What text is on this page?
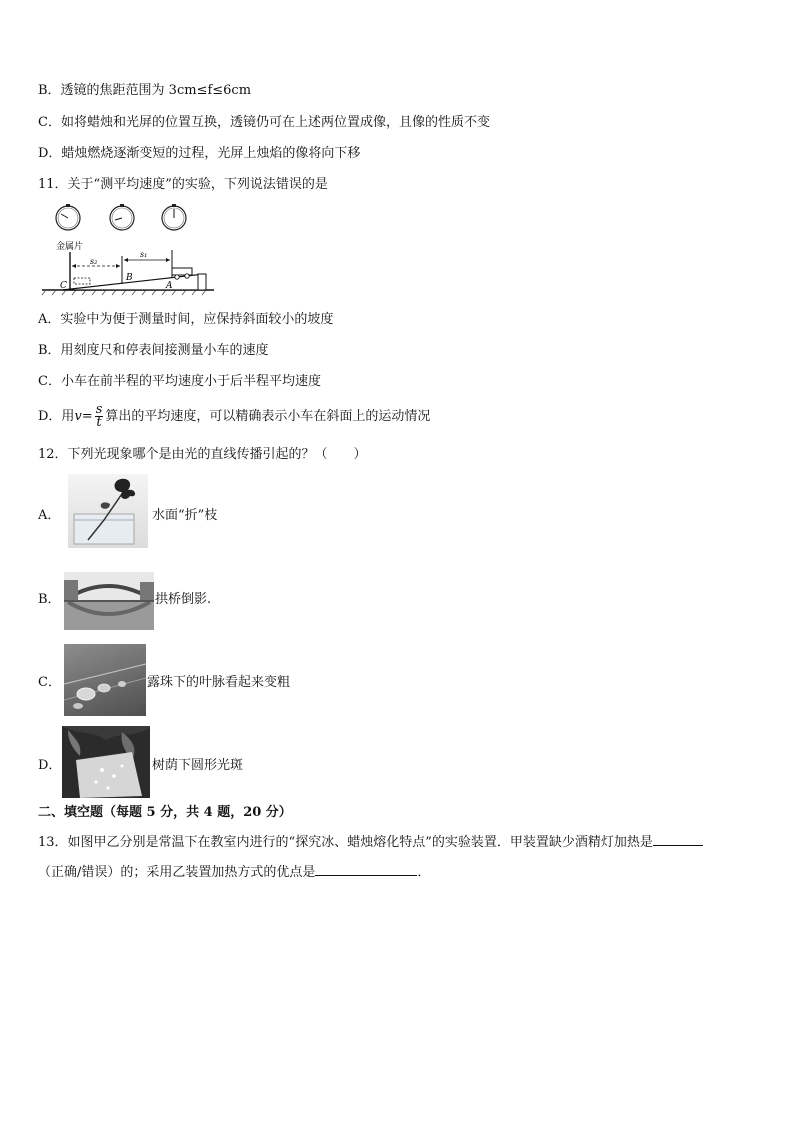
B．透镜的焦距范围为 3cm≤f≤6cm
C．如将蜡烛和光屏的位置互换，透镜仍可在上述两位置成像，且像的性质不变
D．蜡烛燃烧逐渐变短的过程，光屏上烛焰的像将向下移
11．关于“测平均速度”的实验，下列说法错误的是
金属片
C
B
A
s₁
s₂
A．实验中为便于测量时间，应保持斜面较小的坡度
B．用刻度尺和停表间接测量小车的速度
C．小车在前半程的平均速度小于后半程平均速度
D．用$v= \frac{s}{t}$ 算出的平均速度，可以精确表示小车在斜面上的运动情况
12．下列光现象哪个是由光的直线传播引起的？（　　）
A．	水面“折”枝
B．	拱桥倒影.
C．	露珠下的叶脉看起来变粗
D．	树荫下圆形光斑
二、填空题（每题 5 分，共 4 题，20 分）
13．如图甲乙分别是常温下在教室内进行的“探究冰、蜡烛熔化特点”的实验装置．甲装置缺少酒精灯加热是
（正确/错误）的；采用乙装置加热方式的优点是	．
